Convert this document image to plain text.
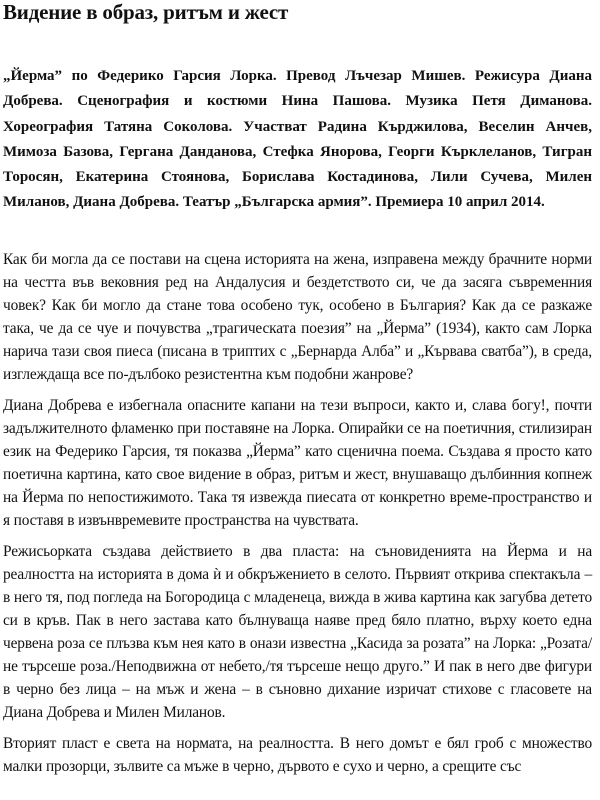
Видение в образ, ритъм и жест

„Йерма” по Федерико Гарсия Лорка. Превод Лъчезар Мишев. Режисура Диана Добрева. Сценография и костюми Нина Пашова. Музика Петя Диманова. Хореография Татяна Соколова. Участват Радина Кърджилова, Веселин Анчев, Мимоза Базова, Гергана Данданова, Стефка Янорова, Георги Кърклеланов, Тигран Торосян, Екатерина Стоянова, Борислава Костадинова, Лили Сучева, Милен Миланов, Диана Добрева. Театър „Българска армия”. Премиера 10 април 2014.

Как би могла да се постави на сцена историята на жена, изправена между брачните норми на честта във вековния ред на Андалусия и бездетството си, че да засяга съвременния човек? Как би могло да стане това особено тук, особено в България? Как да се разкаже така, че да се чуе и почувства „трагическата поезия” на „Йерма” (1934), както сам Лорка нарича тази своя пиеса (писана в триптих с „Бернарда Алба” и „Кървава сватба”), в среда, изглеждаща все по-дълбоко резистентна към подобни жанрове?

Диана Добрева е избегнала опасните капани на тези въпроси, както и, слава богу!, почти задължителното фламенко при поставяне на Лорка. Опирайки се на поетичния, стилизиран език на Федерико Гарсия, тя показва „Йерма” като сценична поема. Създава я просто като поетична картина, като свое видение в образ, ритъм и жест, внушаващо дълбинния копнеж на Йерма по непостижимото. Така тя извежда пиесата от конкретно време-пространство и я поставя в извънвремевите пространства на чувствата.

Режисьорката създава действието в два пласта: на сънoвиденията на Йерма и на реалността на историята в дома ѝ и обкръжението в селото. Първият открива спектакъла – в него тя, под погледа на Богородица с младенеца, вижда в жива картина как загубва детето си в кръв. Пак в него застава като бълнуваща наяве пред бяло платно, върху което една червена роза се плъзва към нея като в онази известна „Касида за розата” на Лорка: „Розата/не търсеше роза./Неподвижна от небето,/тя търсеше нещо друго.” И пак в него две фигури в черно без лица – на мъж и жена – в съновно дихание изричат стихове с гласовете на Диана Добрева и Милен Миланов.

Вторият пласт е света на нормата, на реалността. В него домът е бял гроб с множество малки прозорци, зълвите са мъже в черно, дървото е сухо и черно, а срещите със
